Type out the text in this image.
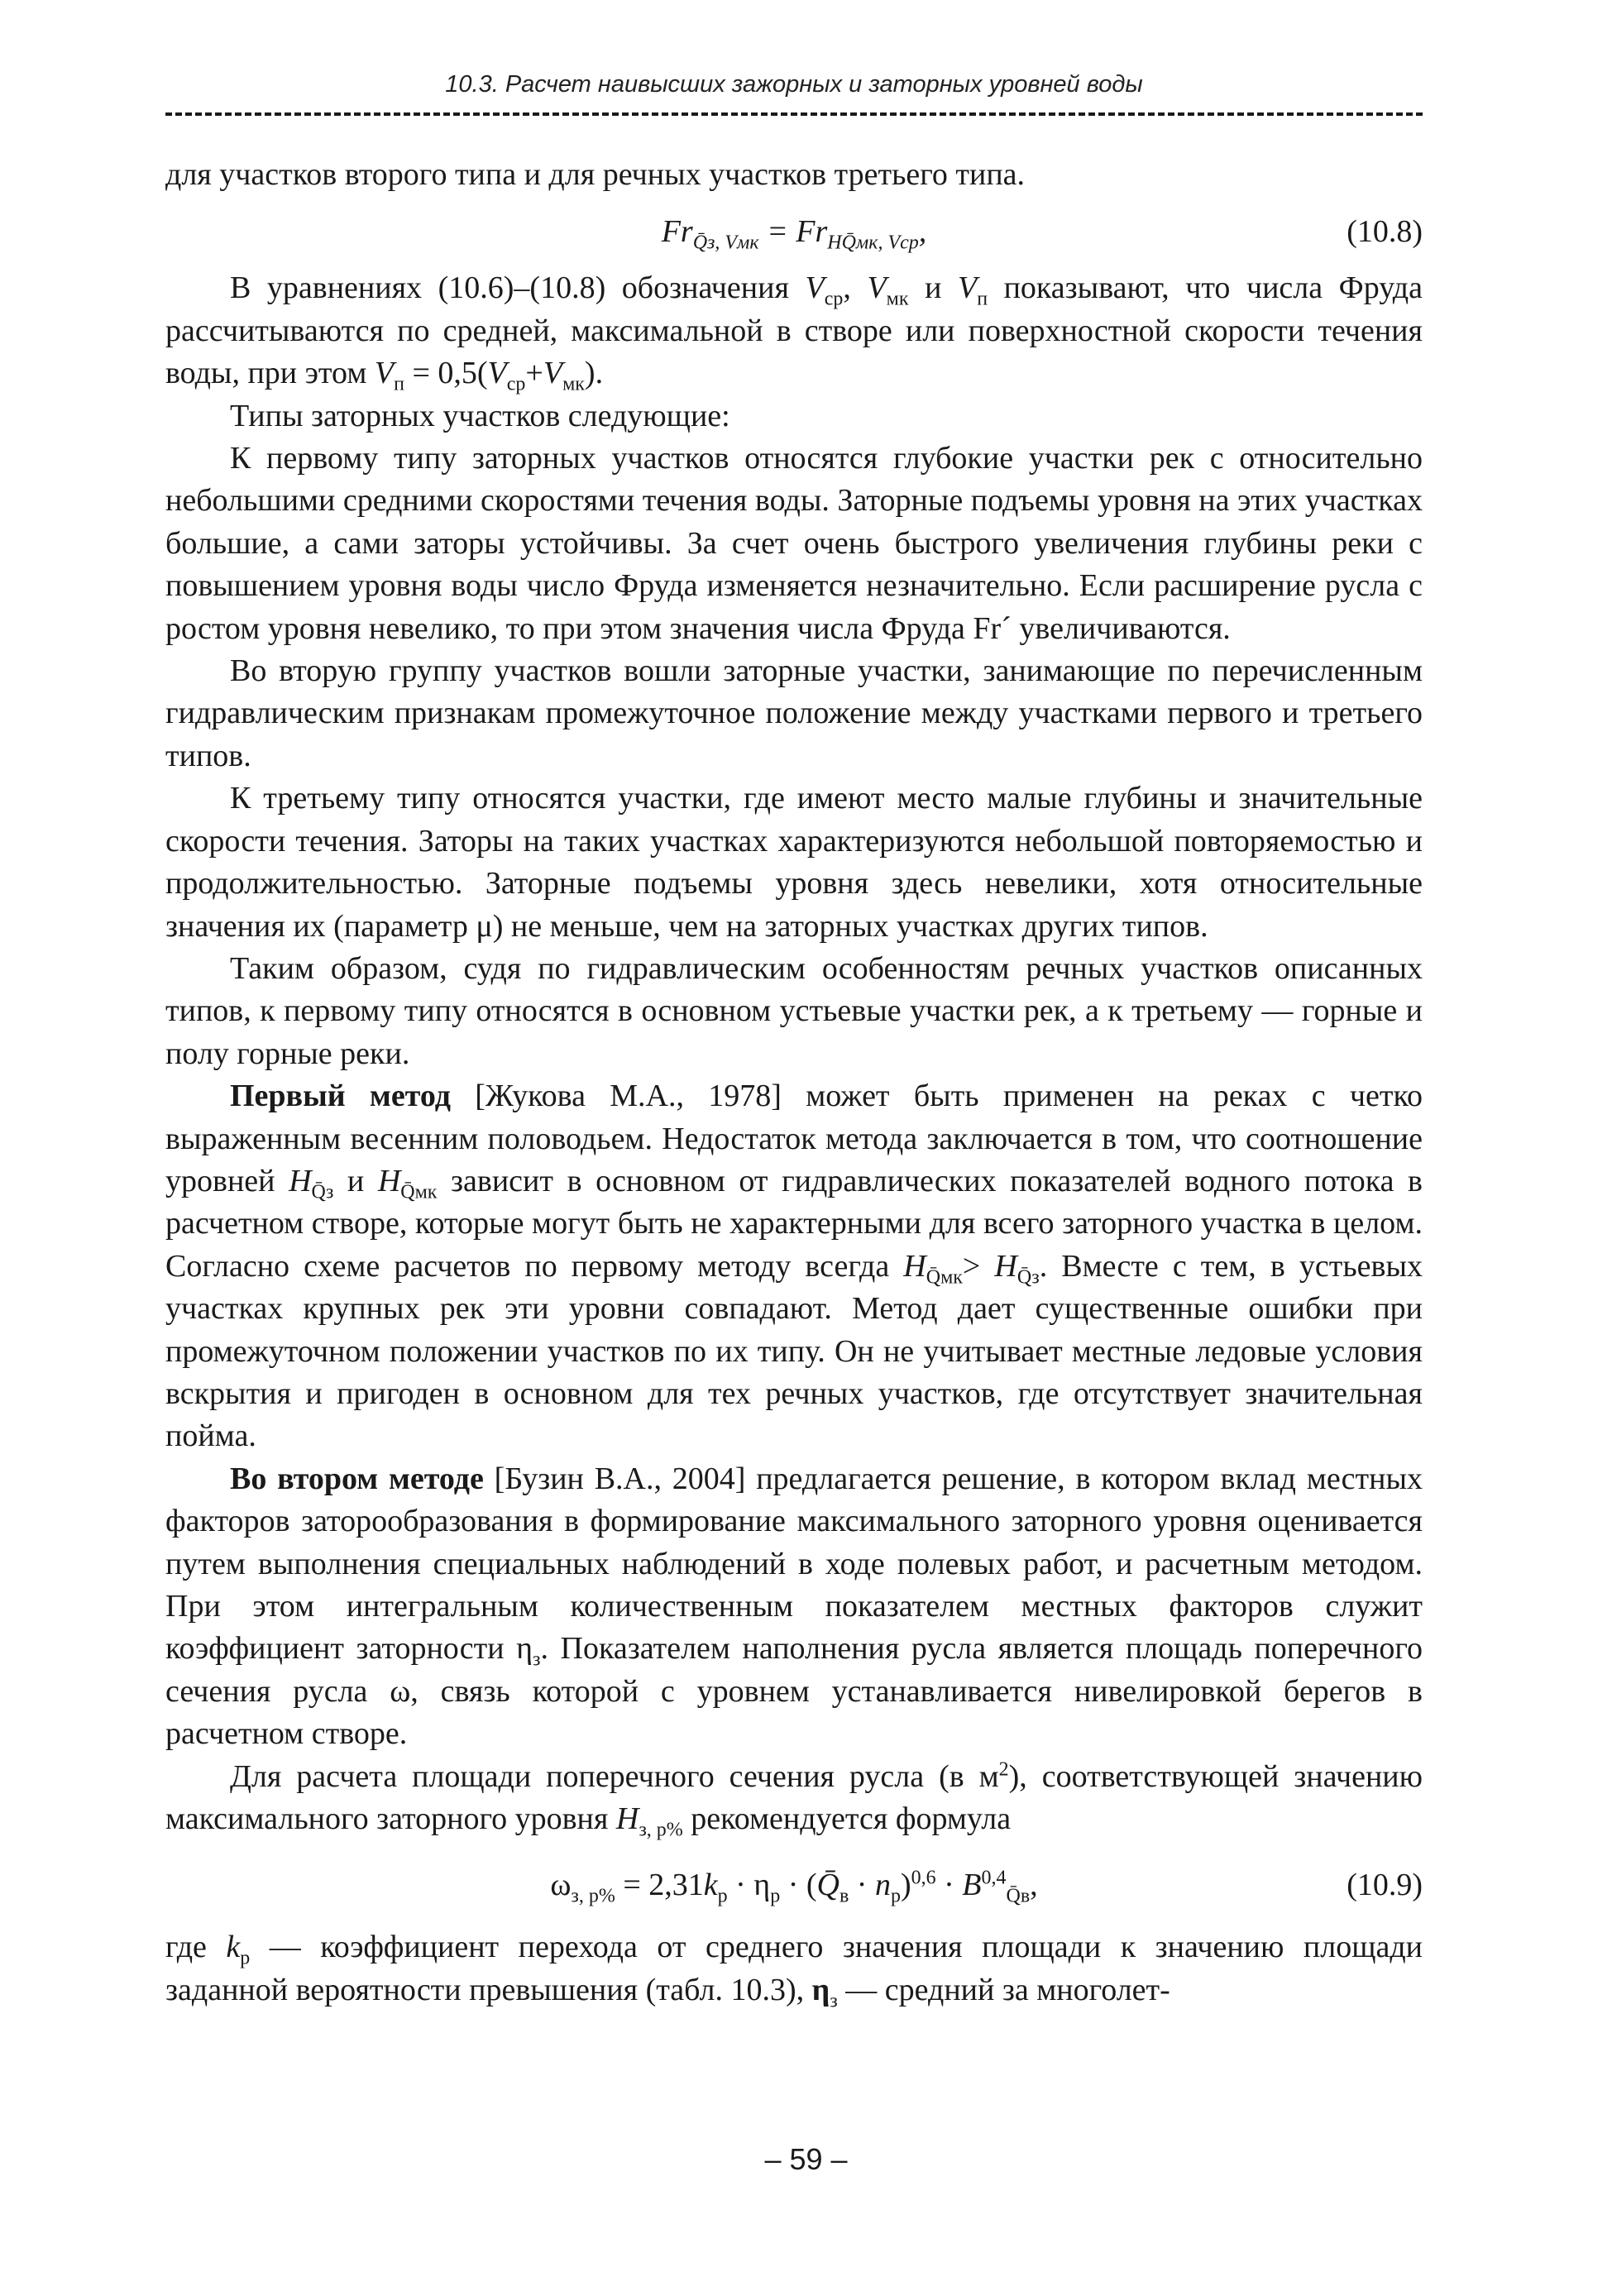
10.3. Расчет наивысших зажорных и заторных уровней воды

для участков второго типа и для речных участков третьего типа.

$Fr_{Q̄з, Vмк} = Fr_{HQ̄мк, Vср}$,	(10.8)

В уравнениях (10.6)–(10.8) обозначения $V_{ср}$, $V_{мк}$ и $V_п$ показывают, что числа Фруда рассчитываются по средней, максимальной в створе или поверхностной скорости течения воды, при этом $V_п = 0,5(V_{ср}+V_{мк})$.

Типы заторных участков следующие:

К первому типу заторных участков относятся глубокие участки рек с относительно небольшими средними скоростями течения воды. Заторные подъемы уровня на этих участках большие, а сами заторы устойчивы. За счет очень быстрого увеличения глубины реки с повышением уровня воды число Фруда изменяется незначительно. Если расширение русла с ростом уровня невелико, то при этом значения числа Фруда Fr´ увеличиваются.

Во вторую группу участков вошли заторные участки, занимающие по перечисленным гидравлическим признакам промежуточное положение между участками первого и третьего типов.

К третьему типу относятся участки, где имеют место малые глубины и значительные скорости течения. Заторы на таких участках характеризуются небольшой повторяемостью и продолжительностью. Заторные подъемы уровня здесь невелики, хотя относительные значения их (параметр μ) не меньше, чем на заторных участках других типов.

Таким образом, судя по гидравлическим особенностям речных участков описанных типов, к первому типу относятся в основном устьевые участки рек, а к третьему — горные и полу горные реки.

Первый метод [Жукова М.А., 1978] может быть применен на реках с четко выраженным весенним половодьем. Недостаток метода заключается в том, что соотношение уровней $H_{Q̄з}$ и $H_{Q̄мк}$ зависит в основном от гидравлических показателей водного потока в расчетном створе, которые могут быть не характерными для всего заторного участка в целом. Согласно схеме расчетов по первому методу всегда $H_{Q̄мк}> H_{Q̄з}$. Вместе с тем, в устьевых участках крупных рек эти уровни совпадают. Метод дает существенные ошибки при промежуточном положении участков по их типу. Он не учитывает местные ледовые условия вскрытия и пригоден в основном для тех речных участков, где отсутствует значительная пойма.

Во втором методе [Бузин В.А., 2004] предлагается решение, в котором вклад местных факторов заторообразования в формирование максимального заторного уровня оценивается путем выполнения специальных наблюдений в ходе полевых работ, и расчетным методом. При этом интегральным количественным показателем местных факторов служит коэффициент заторности $\eta_з$. Показателем наполнения русла является площадь поперечного сечения русла ω, связь которой с уровнем устанавливается нивелировкой берегов в расчетном створе.

Для расчета площади поперечного сечения русла (в $м^2$), соответствующей значению максимального заторного уровня $H_{з, р\%}$ рекомендуется формула

$\omega_{з, р\%} = 2,31k_р \cdot \eta_р$ · $(Q̄_в \cdot n_р)^{0,6} \cdot B^{0,4}_{Q̄в}$,	(10.9)

где $k_р$ — коэффициент перехода от среднего значения площади к значению площади заданной вероятности превышения (табл. 10.3), $\eta_з$ — средний за многолет-

– 59 –
